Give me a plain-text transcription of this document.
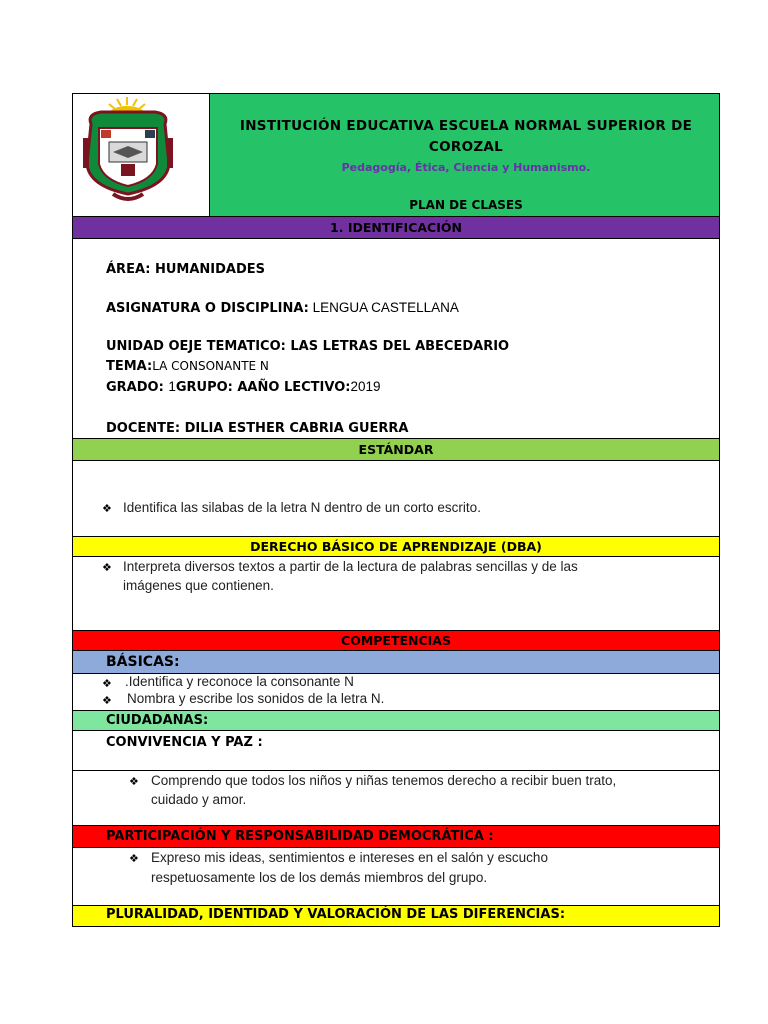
INSTITUCIÓN EDUCATIVA ESCUELA NORMAL SUPERIOR DE COROZAL
Pedagogía, Ética, Ciencia y Humanismo.
PLAN DE CLASES
1. IDENTIFICACIÓN
ÁREA: HUMANIDADES
ASIGNATURA O DISCIPLINA: LENGUA CASTELLANA
UNIDAD OEJE TEMATICO: LAS LETRAS DEL ABECEDARIO
TEMA:LA CONSONANTE N
GRADO: 1GRUPO: AAÑO LECTIVO:2019
DOCENTE: DILIA ESTHER CABRIA GUERRA
ESTÁNDAR
❖ Identifica las silabas de la letra N dentro de un corto escrito.
DERECHO BÁSICO DE APRENDIZAJE (DBA)
❖ Interpreta diversos textos a partir de la lectura de palabras sencillas y de las
imágenes que contienen.
COMPETENCIAS
BÁSICAS:
❖ .Identifica y reconoce la consonante N
❖ Nombra y escribe los sonidos de la letra N.
CIUDADANAS:
CONVIVENCIA Y PAZ :
❖ Comprendo que todos los niños y niñas tenemos derecho a recibir buen trato,
cuidado y amor.
PARTICIPACIÓN Y RESPONSABILIDAD DEMOCRÁTICA :
❖ Expreso mis ideas, sentimientos e intereses en el salón y escucho
respetuosamente los de los demás miembros del grupo.
PLURALIDAD, IDENTIDAD Y VALORACIÓN DE LAS DIFERENCIAS:
